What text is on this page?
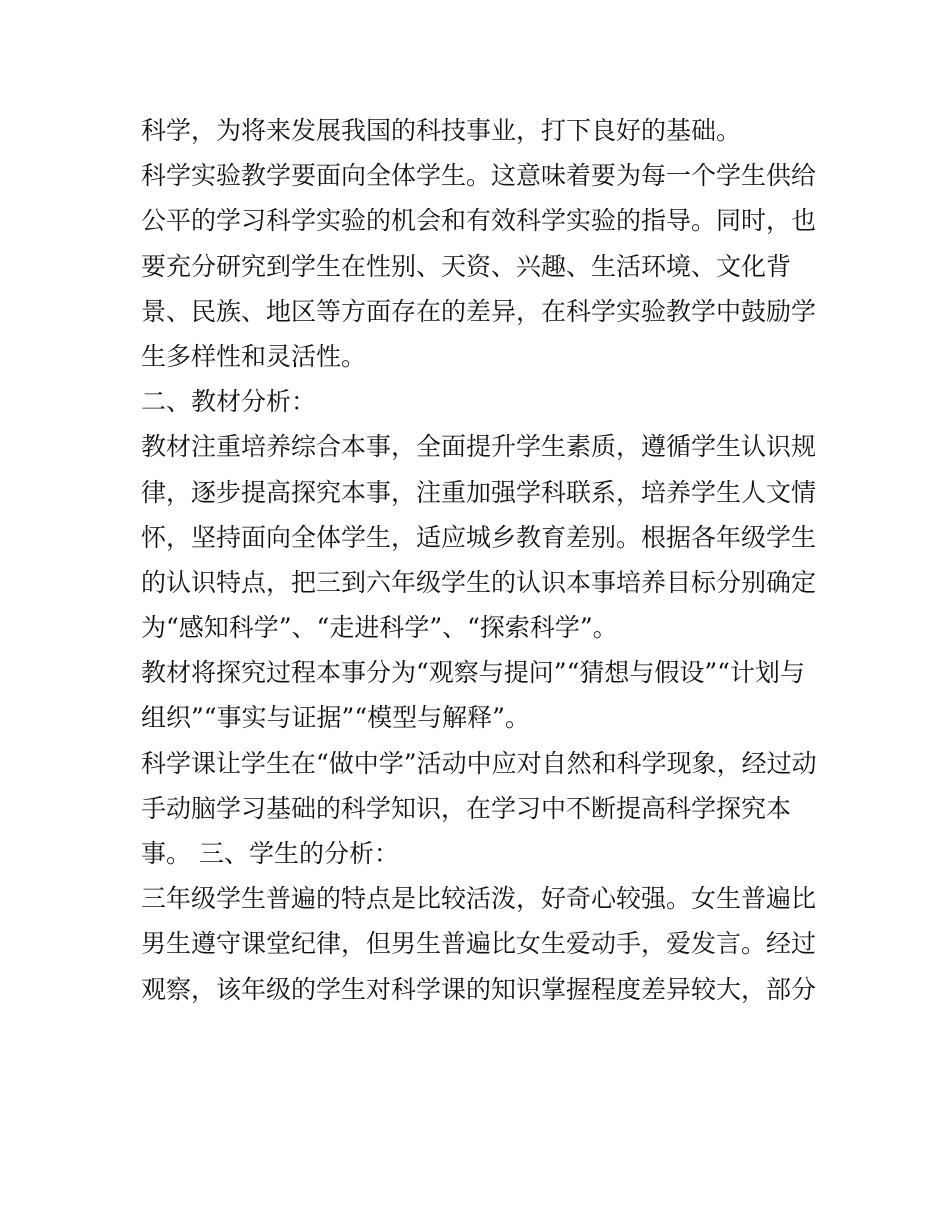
科学，为将来发展我国的科技事业，打下良好的基础。
科学实验教学要面向全体学生。这意味着要为每一个学生供给
公平的学习科学实验的机会和有效科学实验的指导。同时，也
要充分研究到学生在性别、天资、兴趣、生活环境、文化背
景、民族、地区等方面存在的差异，在科学实验教学中鼓励学
生多样性和灵活性。
二、教材分析：
教材注重培养综合本事，全面提升学生素质，遵循学生认识规
律，逐步提高探究本事，注重加强学科联系，培养学生人文情
怀，坚持面向全体学生，适应城乡教育差别。根据各年级学生
的认识特点，把三到六年级学生的认识本事培养目标分别确定
为“感知科学”、“走进科学”、“探索科学”。
教材将探究过程本事分为“观察与提问”“猜想与假设”“计划与
组织”“事实与证据”“模型与解释”。
科学课让学生在“做中学”活动中应对自然和科学现象，经过动
手动脑学习基础的科学知识，在学习中不断提高科学探究本
事。 三、学生的分析：
三年级学生普遍的特点是比较活泼，好奇心较强。女生普遍比
男生遵守课堂纪律，但男生普遍比女生爱动手，爱发言。经过
观察，该年级的学生对科学课的知识掌握程度差异较大，部分
